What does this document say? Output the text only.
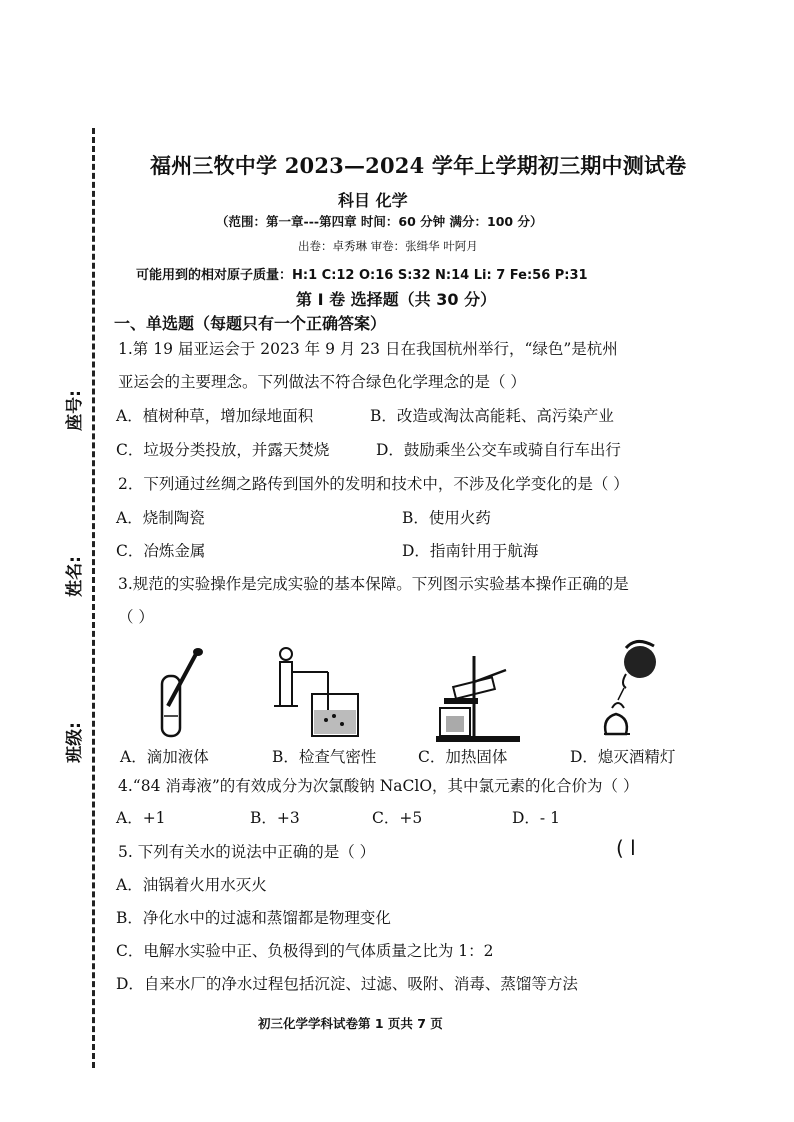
座号:
姓名:
班级:
福州三牧中学 2023—2024 学年上学期初三期中测试卷
科目 化学
（范围：第一章---第四章 时间：60 分钟 满分：100 分）
出卷：卓秀琳 审卷：张缉华 叶阿月
可能用到的相对原子质量：H:1 C:12 O:16 S:32 N:14 Li: 7 Fe:56 P:31
第 I 卷 选择题（共 30 分）
一、单选题（每题只有一个正确答案）
1.第 19 届亚运会于 2023 年 9 月 23 日在我国杭州举行，“绿色”是杭州
亚运会的主要理念。下列做法不符合绿色化学理念的是（ ）
A．植树种草，增加绿地面积	B．改造或淘汰高能耗、高污染产业
C．垃圾分类投放，并露天焚烧	D．鼓励乘坐公交车或骑自行车出行
2．下列通过丝绸之路传到国外的发明和技术中，不涉及化学变化的是（ ）
A．烧制陶瓷	B．使用火药
C．冶炼金属	D．指南针用于航海
3.规范的实验操作是完成实验的基本保障。下列图示实验基本操作正确的是
（ ）
A．滴加液体	B．检查气密性	C．加热固体	D．熄灭酒精灯
4.“84 消毒液”的有效成分为次氯酸钠 NaClO，其中氯元素的化合价为（ ）
A．+1	B．+3	C．+5	D．- 1
5. 下列有关水的说法中正确的是（ ）	( l
A．油锅着火用水灭火
B．净化水中的过滤和蒸馏都是物理变化
C．电解水实验中正、负极得到的气体质量之比为 1：2
D．自来水厂的净水过程包括沉淀、过滤、吸附、消毒、蒸馏等方法
初三化学学科试卷第 1 页共 7 页
